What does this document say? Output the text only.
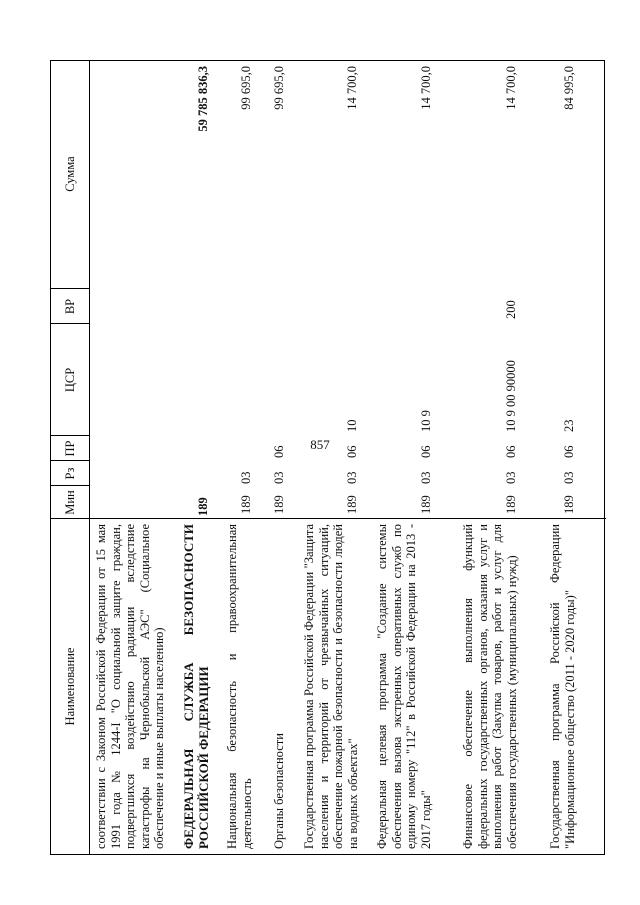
857
Наименование
Мин
Рз
ПР
ЦСР
ВР
Сумма
соответствии с Законом Российской Федерации от 15 мая 1991 года № 1244-I "О социальной защите граждан, подвергшихся воздействию радиации вследствие катастрофы на Чернобыльской АЭС" (Социальное обеспечение и иные выплаты населению) ФЕДЕРАЛЬНАЯ СЛУЖБА БЕЗОПАСНОСТИ РОССИЙСКОЙ ФЕДЕРАЦИИ
189
59 785 836,3
Национальная безопасность и правоохранительная деятельность
189
03
99 695,0
Органы безопасности
189
03
06
99 695,0
Государственная программа Российской Федерации "Защита населения и территорий от чрезвычайных ситуаций, обеспечение пожарной безопасности и безопасности людей на водных объектах"
189
03
06
10
14 700,0
Федеральная целевая программа "Создание системы обеспечения вызова экстренных оперативных служб по единому номеру "112" в Российской Федерации на 2013 - 2017 годы"
189
03
06
10 9
14 700,0
Финансовое обеспечение выполнения функций федеральных государственных органов, оказания услуг и выполнения работ (Закупка товаров, работ и услуг для обеспечения государственных (муниципальных) нужд)
189
03
06
10 9 00 90000
200
14 700,0
Государственная программа Российской Федерации "Информационное общество (2011 - 2020 годы)"
189
03
06
23
84 995,0
